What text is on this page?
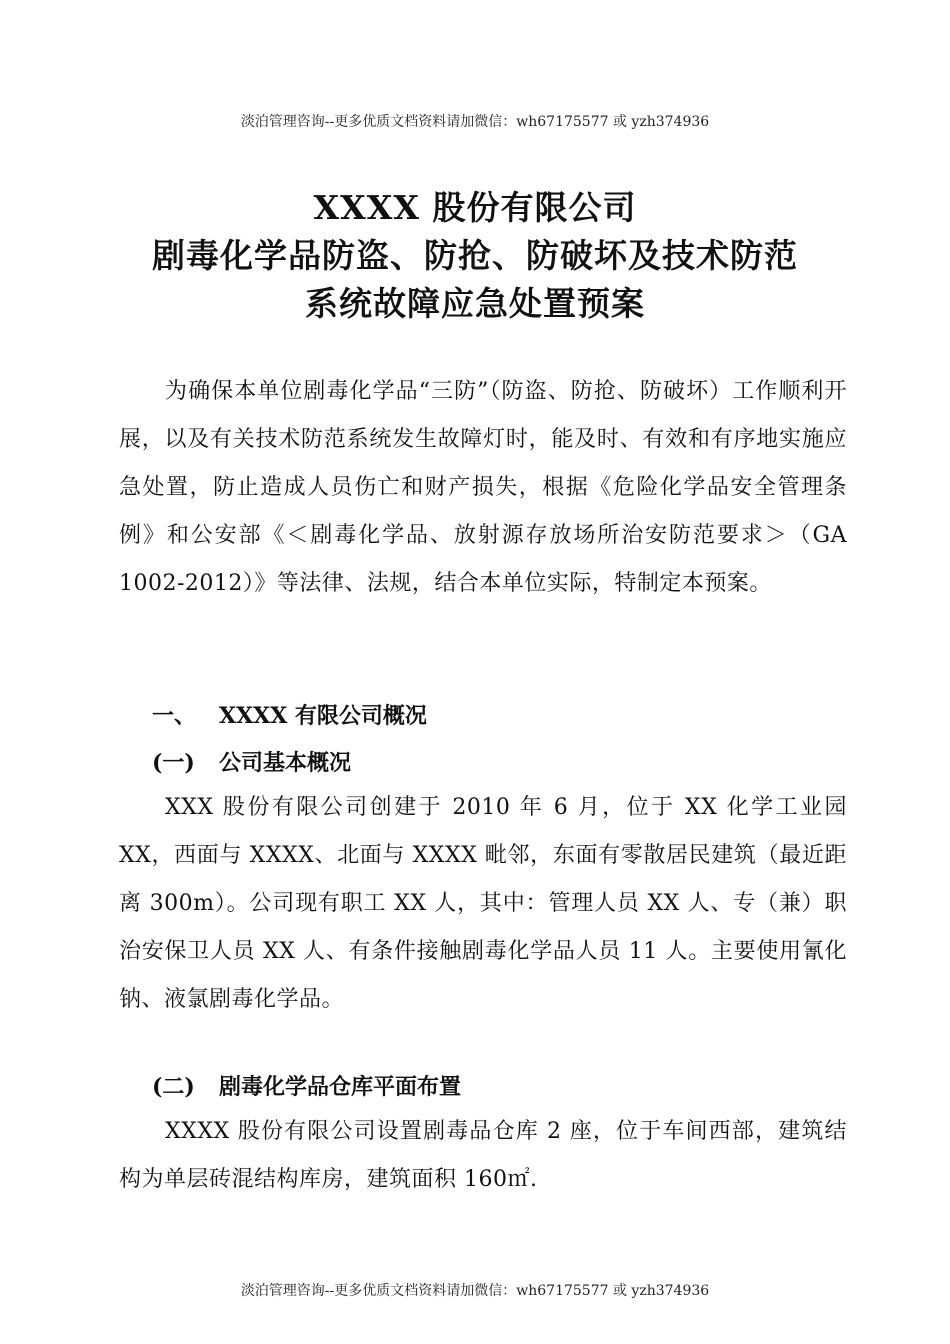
淡泊管理咨询--更多优质文档资料请加微信：wh67175577 或 yzh374936
XXXX 股份有限公司
剧毒化学品防盗、防抢、防破坏及技术防范
系统故障应急处置预案
为确保本单位剧毒化学品“三防”（防盗、防抢、防破坏）工作顺利开展，以及有关技术防范系统发生故障灯时，能及时、有效和有序地实施应急处置，防止造成人员伤亡和财产损失，根据《危险化学品安全管理条例》和公安部《＜剧毒化学品、放射源存放场所治安防范要求＞（GA 1002-2012）》等法律、法规，结合本单位实际，特制定本预案。
一、 XXXX 有限公司概况
(一) 公司基本概况
XXX 股份有限公司创建于 2010 年 6 月，位于 XX 化学工业园XX，西面与 XXXX、北面与 XXXX 毗邻，东面有零散居民建筑（最近距离 300m）。公司现有职工 XX 人，其中：管理人员 XX 人、专（兼）职治安保卫人员 XX 人、有条件接触剧毒化学品人员 11 人。主要使用氰化钠、液氯剧毒化学品。
(二) 剧毒化学品仓库平面布置
XXXX 股份有限公司设置剧毒品仓库 2 座，位于车间西部，建筑结构为单层砖混结构库房，建筑面积 160㎡.
淡泊管理咨询--更多优质文档资料请加微信：wh67175577 或 yzh374936
